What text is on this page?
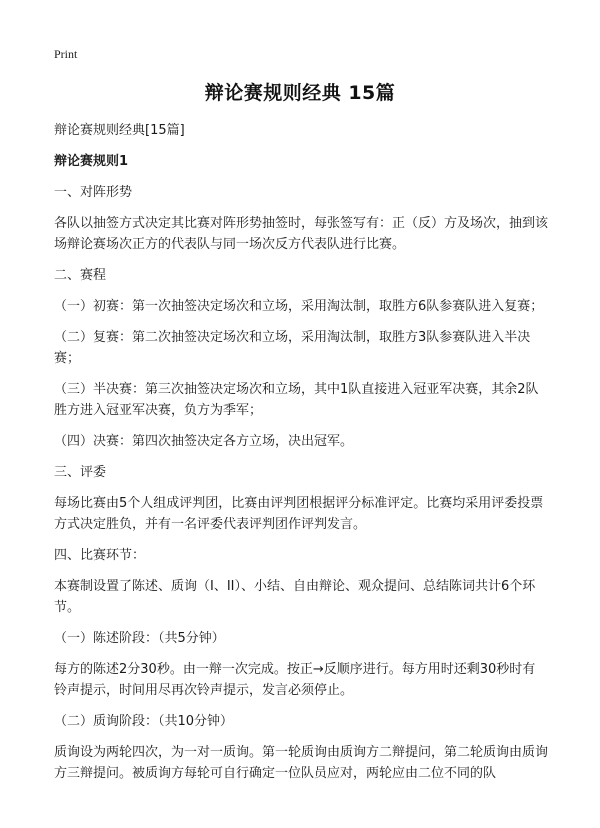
Print
辩论赛规则经典 15篇

辩论赛规则经典[15篇]

辩论赛规则1

一、对阵形势

各队以抽签方式决定其比赛对阵形势抽签时，每张签写有：正（反）方及场次，抽到该场辩论赛场次正方的代表队与同一场次反方代表队进行比赛。

二、赛程

（一）初赛：第一次抽签决定场次和立场，采用淘汰制，取胜方6队参赛队进入复赛；

（二）复赛：第二次抽签决定场次和立场，采用淘汰制，取胜方3队参赛队进入半决赛；

（三）半决赛：第三次抽签决定场次和立场，其中1队直接进入冠亚军决赛，其余2队胜方进入冠亚军决赛，负方为季军；

（四）决赛：第四次抽签决定各方立场，决出冠军。

三、评委

每场比赛由5个人组成评判团，比赛由评判团根据评分标准评定。比赛均采用评委投票方式决定胜负，并有一名评委代表评判团作评判发言。

四、比赛环节：

本赛制设置了陈述、质询（I、II）、小结、自由辩论、观众提问、总结陈词共计6个环节。

（一）陈述阶段：（共5分钟）

每方的陈述2分30秒。由一辩一次完成。按正→反顺序进行。每方用时还剩30秒时有铃声提示，时间用尽再次铃声提示，发言必须停止。

（二）质询阶段：（共10分钟）

质询设为两轮四次，为一对一质询。第一轮质询由质询方二辩提问，第二轮质询由质询方三辩提问。被质询方每轮可自行确定一位队员应对，两轮应由二位不同的队
